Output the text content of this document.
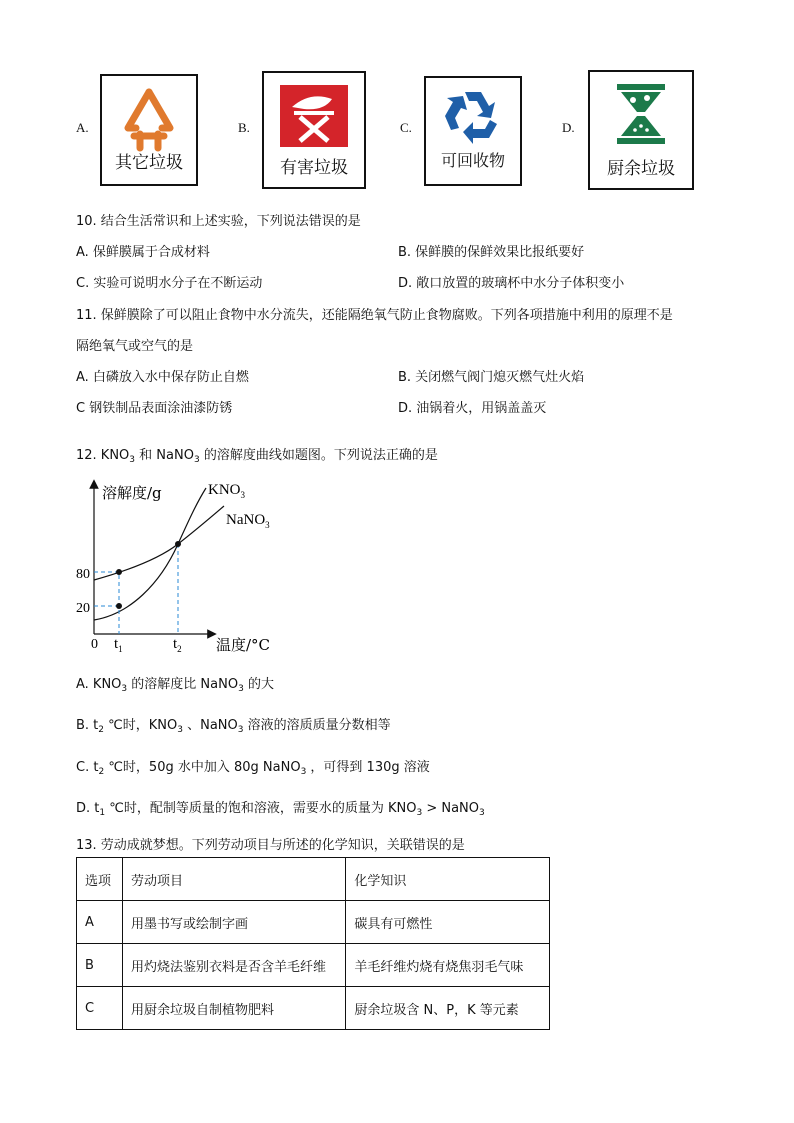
A.
其它垃圾
B.
有害垃圾
C.
可回收物
D.
厨余垃圾
10. 结合生活常识和上述实验，下列说法错误的是
A. 保鲜膜属于合成材料	B. 保鲜膜的保鲜效果比报纸要好
C. 实验可说明水分子在不断运动	D. 敞口放置的玻璃杯中水分子体积变小
11. 保鲜膜除了可以阻止食物中水分流失，还能隔绝氧气防止食物腐败。下列各项措施中利用的原理不是
隔绝氧气或空气的是
A. 白磷放入水中保存防止自燃	B. 关闭燃气阀门熄灭燃气灶火焰
C 钢铁制品表面涂油漆防锈	D. 油锅着火，用锅盖盖灭
12. $KNO_3$ 和 NaNO$_3$ 的溶解度曲线如题图。下列说法正确的是
溶解度/g
温度/°C
0
80
20
$t_1$	$t_2$
$KNO_3$
NaNO$_3$
A. $KNO_3$ 的溶解度比 NaNO$_3$ 的大
B. $t_2$ ℃时，$KNO_3$ 、NaNO$_3$ 溶液的溶质质量分数相等
C. $t_2$ ℃时，50g 水中加入 80g NaNO$_3$ ，可得到 130g 溶液
D. $t_1$ ℃时，配制等质量的饱和溶液，需要水的质量为 $KNO_3$ > NaNO$_3$
13. 劳动成就梦想。下列劳动项目与所述的化学知识，关联错误的是
选项	劳动项目	化学知识
A	用墨书写或绘制字画	碳具有可燃性
B	用灼烧法鉴别衣料是否含羊毛纤维	羊毛纤维灼烧有烧焦羽毛气味
C	用厨余垃圾自制植物肥料	厨余垃圾含 N、P，K 等元素
